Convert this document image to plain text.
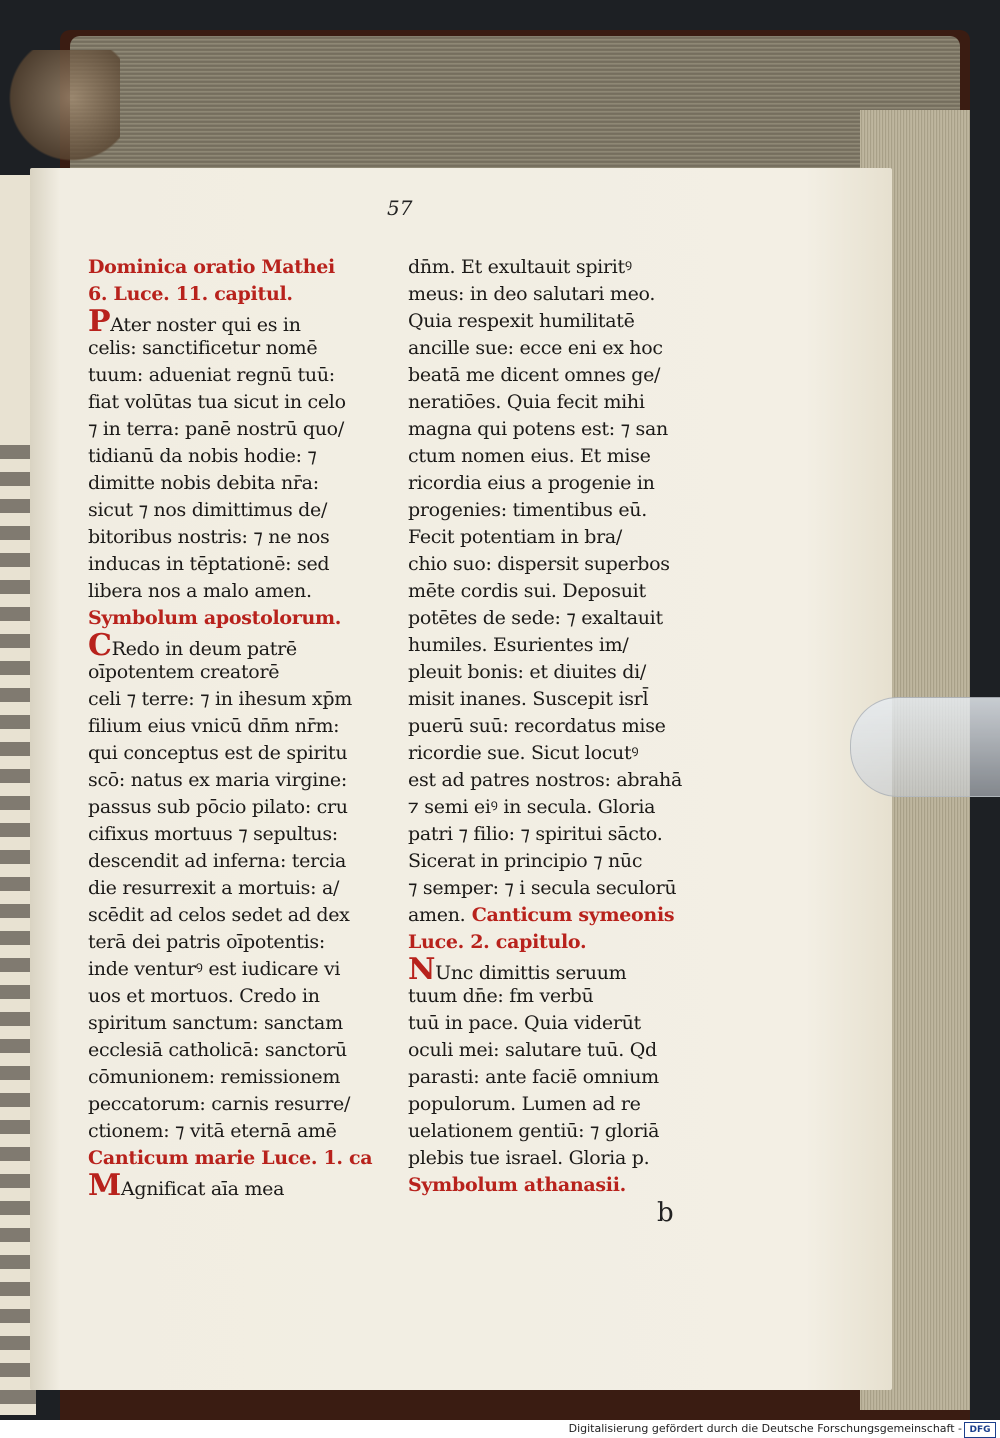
57
Dominica oratio Mathei
6. Luce. 11. capitul.
PAter noster qui es in
celis: sanctificetur nomē
tuum: adueniat regnū tuū:
fiat volūtas tua sicut in celo
⁊ in terra: panē nostrū quo/
tidianū da nobis hodie: ⁊
dimitte nobis debita nr̄a:
sicut ⁊ nos dimittimus de/
bitoribus nostris: ⁊ ne nos
inducas in tēptationē: sed
libera nos a malo amen.
Symbolum apostolorum.
CRedo in deum patrē
oīpotentem creatorē
celi ⁊ terre: ⁊ in ihesum xp̄m
filium eius vnicū dn̄m nr̄m:
qui conceptus est de spiritu
scō: natus ex maria virgine:
passus sub pōcio pilato: cru
cifixus mortuus ⁊ sepultus:
descendit ad inferna: tercia
die resurrexit a mortuis: a/
scēdit ad celos sedet ad dex
terā dei patris oīpotentis:
inde venturꝰ est iudicare vi
uos et mortuos. Credo in
spiritum sanctum: sanctam
ecclesiā catholicā: sanctorū
cōmunionem: remissionem
peccatorum: carnis resurre/
ctionem: ⁊ vitā eternā amē
Canticum marie Luce. 1. ca
MAgnificat aīa mea
dn̄m. Et exultauit spiritꝰ
meus: in deo salutari meo.
Quia respexit humilitatē
ancille sue: ecce eni ex hoc
beatā me dicent omnes ge/
neratiōes. Quia fecit mihi
magna qui potens est: ⁊ san
ctum nomen eius. Et mise
ricordia eius a progenie in
progenies: timentibus eū.
Fecit potentiam in bra/
chio suo: dispersit superbos
mēte cordis sui. Deposuit
potētes de sede: ⁊ exaltauit
humiles. Esurientes im/
pleuit bonis: et diuites di/
misit inanes. Suscepit isrl̄
puerū suū: recordatus mise
ricordie sue. Sicut locutꝰ
est ad patres nostros: abrahā
⁊ semi eiꝰ in secula. Gloria
patri ⁊ filio: ⁊ spiritui sācto.
Sicerat in principio ⁊ nūc
⁊ semper: ⁊ i secula seculorū
amen. Canticum symeonis
Luce. 2. capitulo.
NUnc dimittis seruum
tuum dn̄e: fm verbū
tuū in pace. Quia viderūt
oculi mei: salutare tuū. Qd
parasti: ante faciē omnium
populorum. Lumen ad re
uelationem gentiū: ⁊ gloriā
plebis tue israel. Gloria p.
Symbolum athanasii.
b
Digitalisierung gefördert durch die Deutsche Forschungsgemeinschaft - DFG
